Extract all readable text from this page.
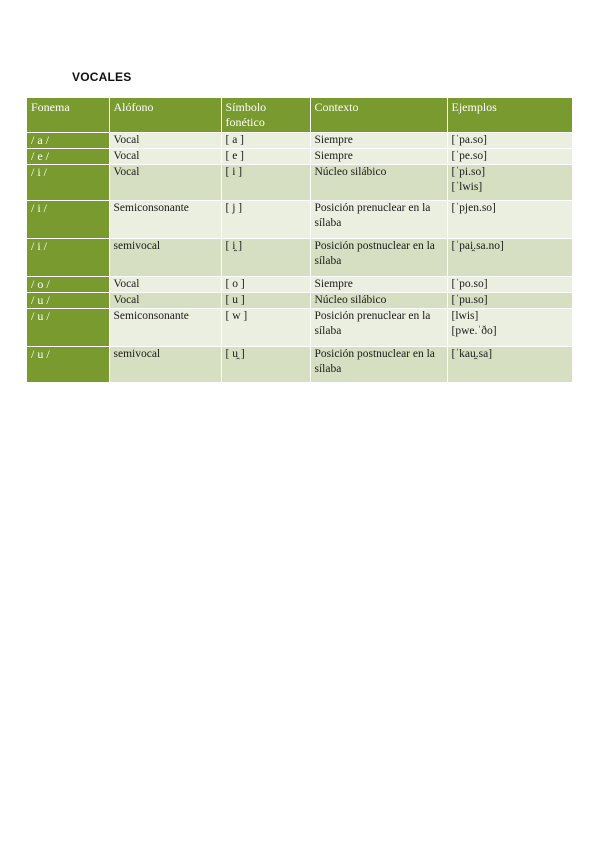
VOCALES
Fonema	Alófono	Símbolo fonético	Contexto	Ejemplos
/ a /	Vocal	[ a ]	Siempre	[ˈpa.so]

/ e /	Vocal	[ e ]	Siempre	[ˈpe.so]

/ i /	Vocal	[ i ]	Núcleo silábico	[ˈpi.so]
[ˈlwis]

/ i /	Semiconsonante	[ j ]	Posición prenuclear en la sílaba	[ˈpjen.so]

/ i /	semivocal	[ i̯ ]	Posición postnuclear en la sílaba	[ˈpai̯.sa.no]

/ o /	Vocal	[ o ]	Siempre	[ˈpo.so]

/ u /	Vocal	[ u ]	Núcleo silábico	[ˈpu.so]

/ u /	Semiconsonante	[ w ]	Posición prenuclear en la sílaba	[lwis]
[pwe.ˈðo]

/ u /	semivocal	[ u̯ ]	Posición postnuclear en la sílaba	[ˈkau̯.sa]
